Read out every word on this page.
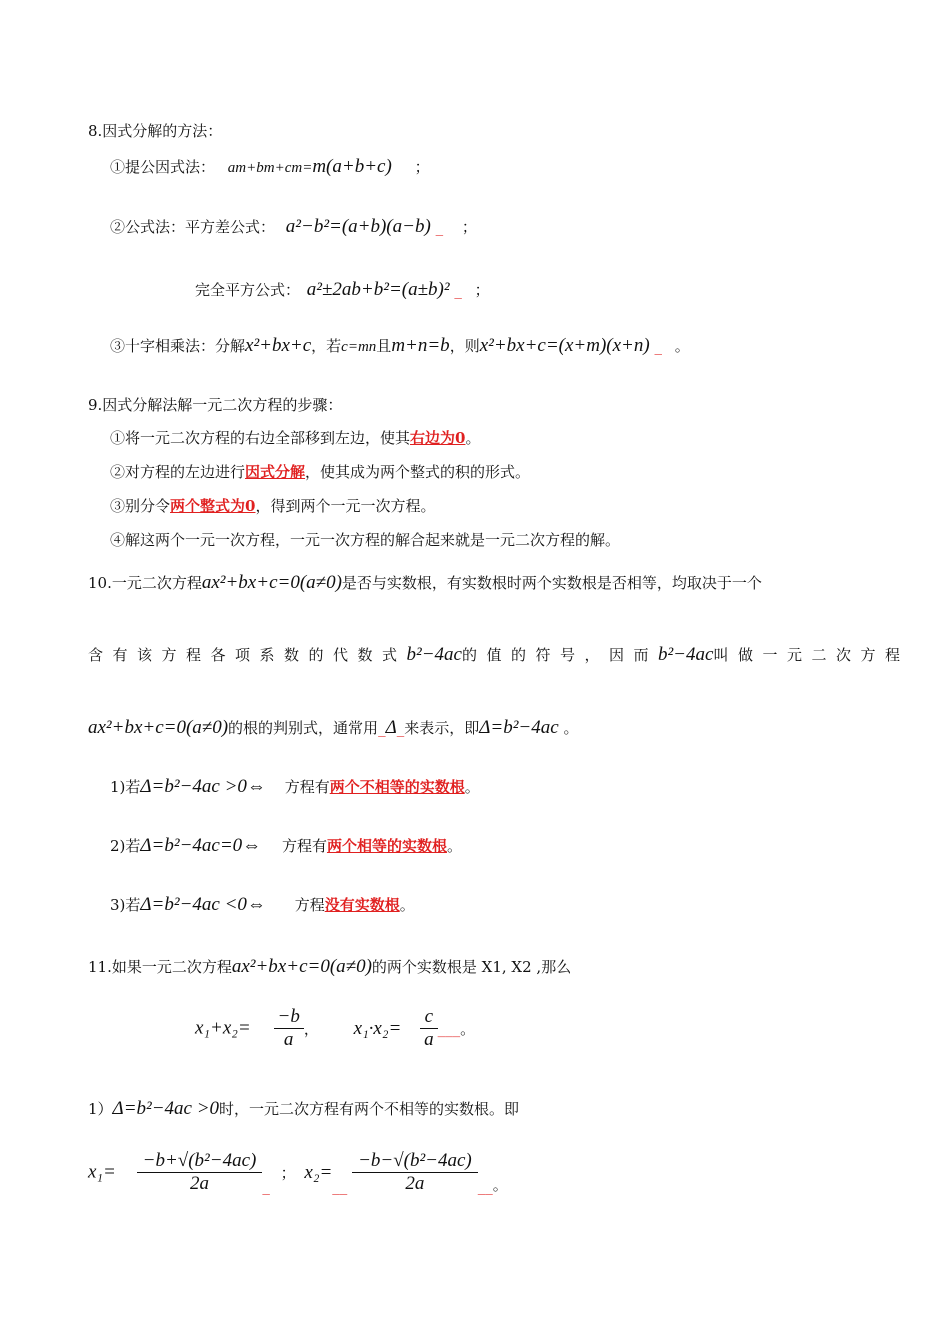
8.因式分解的方法：
①提公因式法： am+bm+cm=m(a+b+c) ；
②公式法：平方差公式： a²−b²=(a+b)(a−b) _ ；
完全平方公式： a²±2ab+b²=(a±b)² _ ；
③十字相乘法：分解x²+bx+c，若c=mn且m+n=b，则x²+bx+c=(x+m)(x+n) _ 。
9.因式分解法解一元二次方程的步骤：
①将一元二次方程的右边全部移到左边，使其右边为0。
②对方程的左边进行因式分解，使其成为两个整式的积的形式。
③别分令两个整式为0，得到两个一元一次方程。
④解这两个一元一次方程，一元一次方程的解合起来就是一元二次方程的解。
10.一元二次方程ax²+bx+c=0(a≠0)是否与实数根，有实数根时两个实数根是否相等，均取决于一个
含有该方程各项系数的代数式b²−4ac的值的符号，因而b²−4ac叫做一元二次方程
ax²+bx+c=0(a≠0)的根的判别式，通常用_Δ_来表示，即Δ=b²−4ac 。
1)若Δ=b²−4ac >0⇔ 方程有两个不相等的实数根。
2)若Δ=b²−4ac=0⇔ 方程有两个相等的实数根。
3)若Δ=b²−4ac <0⇔ 方程没有实数根。
11.如果一元二次方程ax²+bx+c=0(a≠0)的两个实数根是 X1, X2 ,那么
$x_1+x_2= \frac{-b}{a}$ ， $x_1\cdot x_2= \frac{c}{a}$ ___。
1）Δ=b²−4ac >0时，一元二次方程有两个不相等的实数根。即
$x_1= \frac{\text{−b+√(b²−4ac)}}{2a}$ _ ； x₂=__ $\frac{\text{−b−√(b²−4ac)}}{2a}$ __。
